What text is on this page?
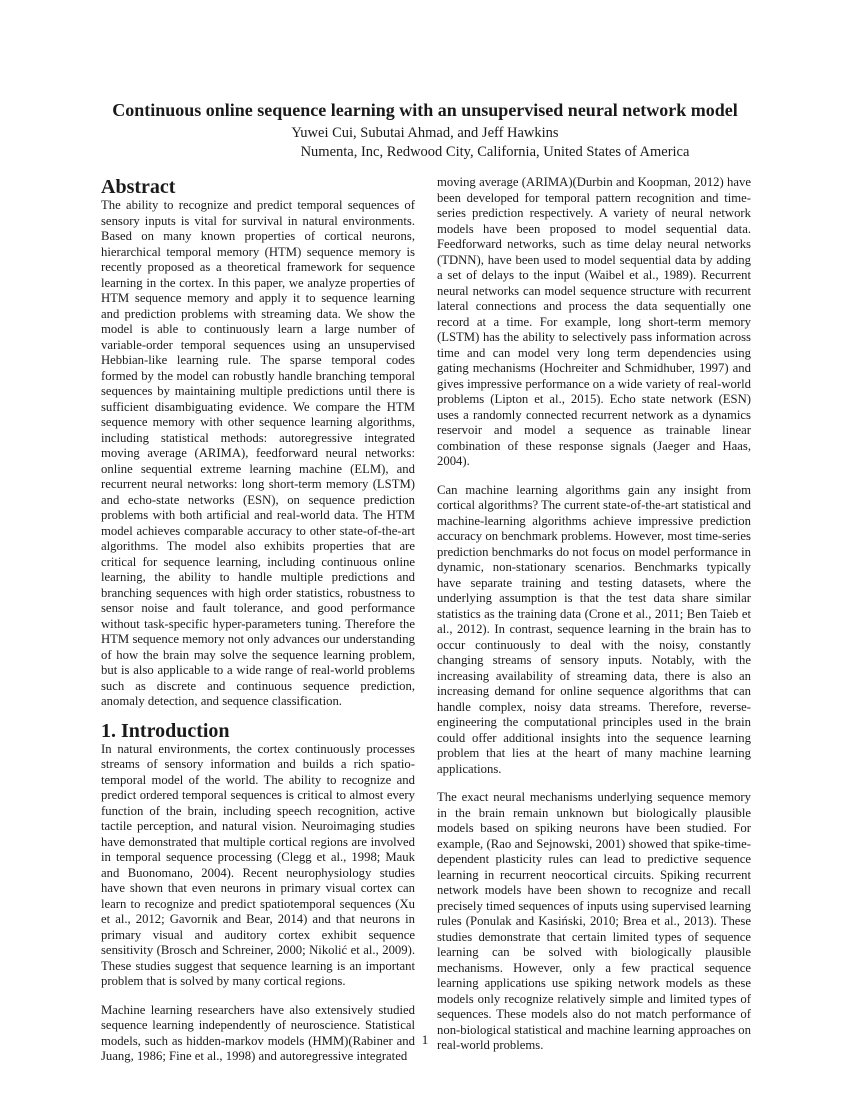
Continuous online sequence learning with an unsupervised neural network model
Yuwei Cui, Subutai Ahmad, and Jeff Hawkins
Numenta, Inc, Redwood City, California, United States of America
Abstract

The ability to recognize and predict temporal sequences of sensory inputs is vital for survival in natural environments. Based on many known properties of cortical neurons, hierarchical temporal memory (HTM) sequence memory is recently proposed as a theoretical framework for sequence learning in the cortex. In this paper, we analyze properties of HTM sequence memory and apply it to sequence learning and prediction problems with streaming data. We show the model is able to continuously learn a large number of variable-order temporal sequences using an unsupervised Hebbian-like learning rule. The sparse temporal codes formed by the model can robustly handle branching temporal sequences by maintaining multiple predictions until there is sufficient disambiguating evidence. We compare the HTM sequence memory with other sequence learning algorithms, including statistical methods: autoregressive integrated moving average (ARIMA), feedforward neural networks: online sequential extreme learning machine (ELM), and recurrent neural networks: long short-term memory (LSTM) and echo-state networks (ESN), on sequence prediction problems with both artificial and real-world data. The HTM model achieves comparable accuracy to other state-of-the-art algorithms. The model also exhibits properties that are critical for sequence learning, including continuous online learning, the ability to handle multiple predictions and branching sequences with high order statistics, robustness to sensor noise and fault tolerance, and good performance without task-specific hyper-parameters tuning. Therefore the HTM sequence memory not only advances our understanding of how the brain may solve the sequence learning problem, but is also applicable to a wide range of real-world problems such as discrete and continuous sequence prediction, anomaly detection, and sequence classification.

1. Introduction

In natural environments, the cortex continuously processes streams of sensory information and builds a rich spatio-temporal model of the world. The ability to recognize and predict ordered temporal sequences is critical to almost every function of the brain, including speech recognition, active tactile perception, and natural vision. Neuroimaging studies have demonstrated that multiple cortical regions are involved in temporal sequence processing (Clegg et al., 1998; Mauk and Buonomano, 2004). Recent neurophysiology studies have shown that even neurons in primary visual cortex can learn to recognize and predict spatiotemporal sequences (Xu et al., 2012; Gavornik and Bear, 2014) and that neurons in primary visual and auditory cortex exhibit sequence sensitivity (Brosch and Schreiner, 2000; Nikolić et al., 2009). These studies suggest that sequence learning is an important problem that is solved by many cortical regions.

Machine learning researchers have also extensively studied sequence learning independently of neuroscience. Statistical models, such as hidden-markov models (HMM)(Rabiner and Juang, 1986; Fine et al., 1998) and autoregressive integrated

moving average (ARIMA)(Durbin and Koopman, 2012) have been developed for temporal pattern recognition and time-series prediction respectively. A variety of neural network models have been proposed to model sequential data. Feedforward networks, such as time delay neural networks (TDNN), have been used to model sequential data by adding a set of delays to the input (Waibel et al., 1989). Recurrent neural networks can model sequence structure with recurrent lateral connections and process the data sequentially one record at a time. For example, long short-term memory (LSTM) has the ability to selectively pass information across time and can model very long term dependencies using gating mechanisms (Hochreiter and Schmidhuber, 1997) and gives impressive performance on a wide variety of real-world problems (Lipton et al., 2015). Echo state network (ESN) uses a randomly connected recurrent network as a dynamics reservoir and model a sequence as trainable linear combination of these response signals (Jaeger and Haas, 2004).

Can machine learning algorithms gain any insight from cortical algorithms? The current state-of-the-art statistical and machine-learning algorithms achieve impressive prediction accuracy on benchmark problems. However, most time-series prediction benchmarks do not focus on model performance in dynamic, non-stationary scenarios. Benchmarks typically have separate training and testing datasets, where the underlying assumption is that the test data share similar statistics as the training data (Crone et al., 2011; Ben Taieb et al., 2012). In contrast, sequence learning in the brain has to occur continuously to deal with the noisy, constantly changing streams of sensory inputs. Notably, with the increasing availability of streaming data, there is also an increasing demand for online sequence algorithms that can handle complex, noisy data streams. Therefore, reverse-engineering the computational principles used in the brain could offer additional insights into the sequence learning problem that lies at the heart of many machine learning applications.

The exact neural mechanisms underlying sequence memory in the brain remain unknown but biologically plausible models based on spiking neurons have been studied. For example, (Rao and Sejnowski, 2001) showed that spike-time-dependent plasticity rules can lead to predictive sequence learning in recurrent neocortical circuits. Spiking recurrent network models have been shown to recognize and recall precisely timed sequences of inputs using supervised learning rules (Ponulak and Kasiński, 2010; Brea et al., 2013). These studies demonstrate that certain limited types of sequence learning can be solved with biologically plausible mechanisms. However, only a few practical sequence learning applications use spiking network models as these models only recognize relatively simple and limited types of sequences. These models also do not match performance of non-biological statistical and machine learning approaches on real-world problems.

1
